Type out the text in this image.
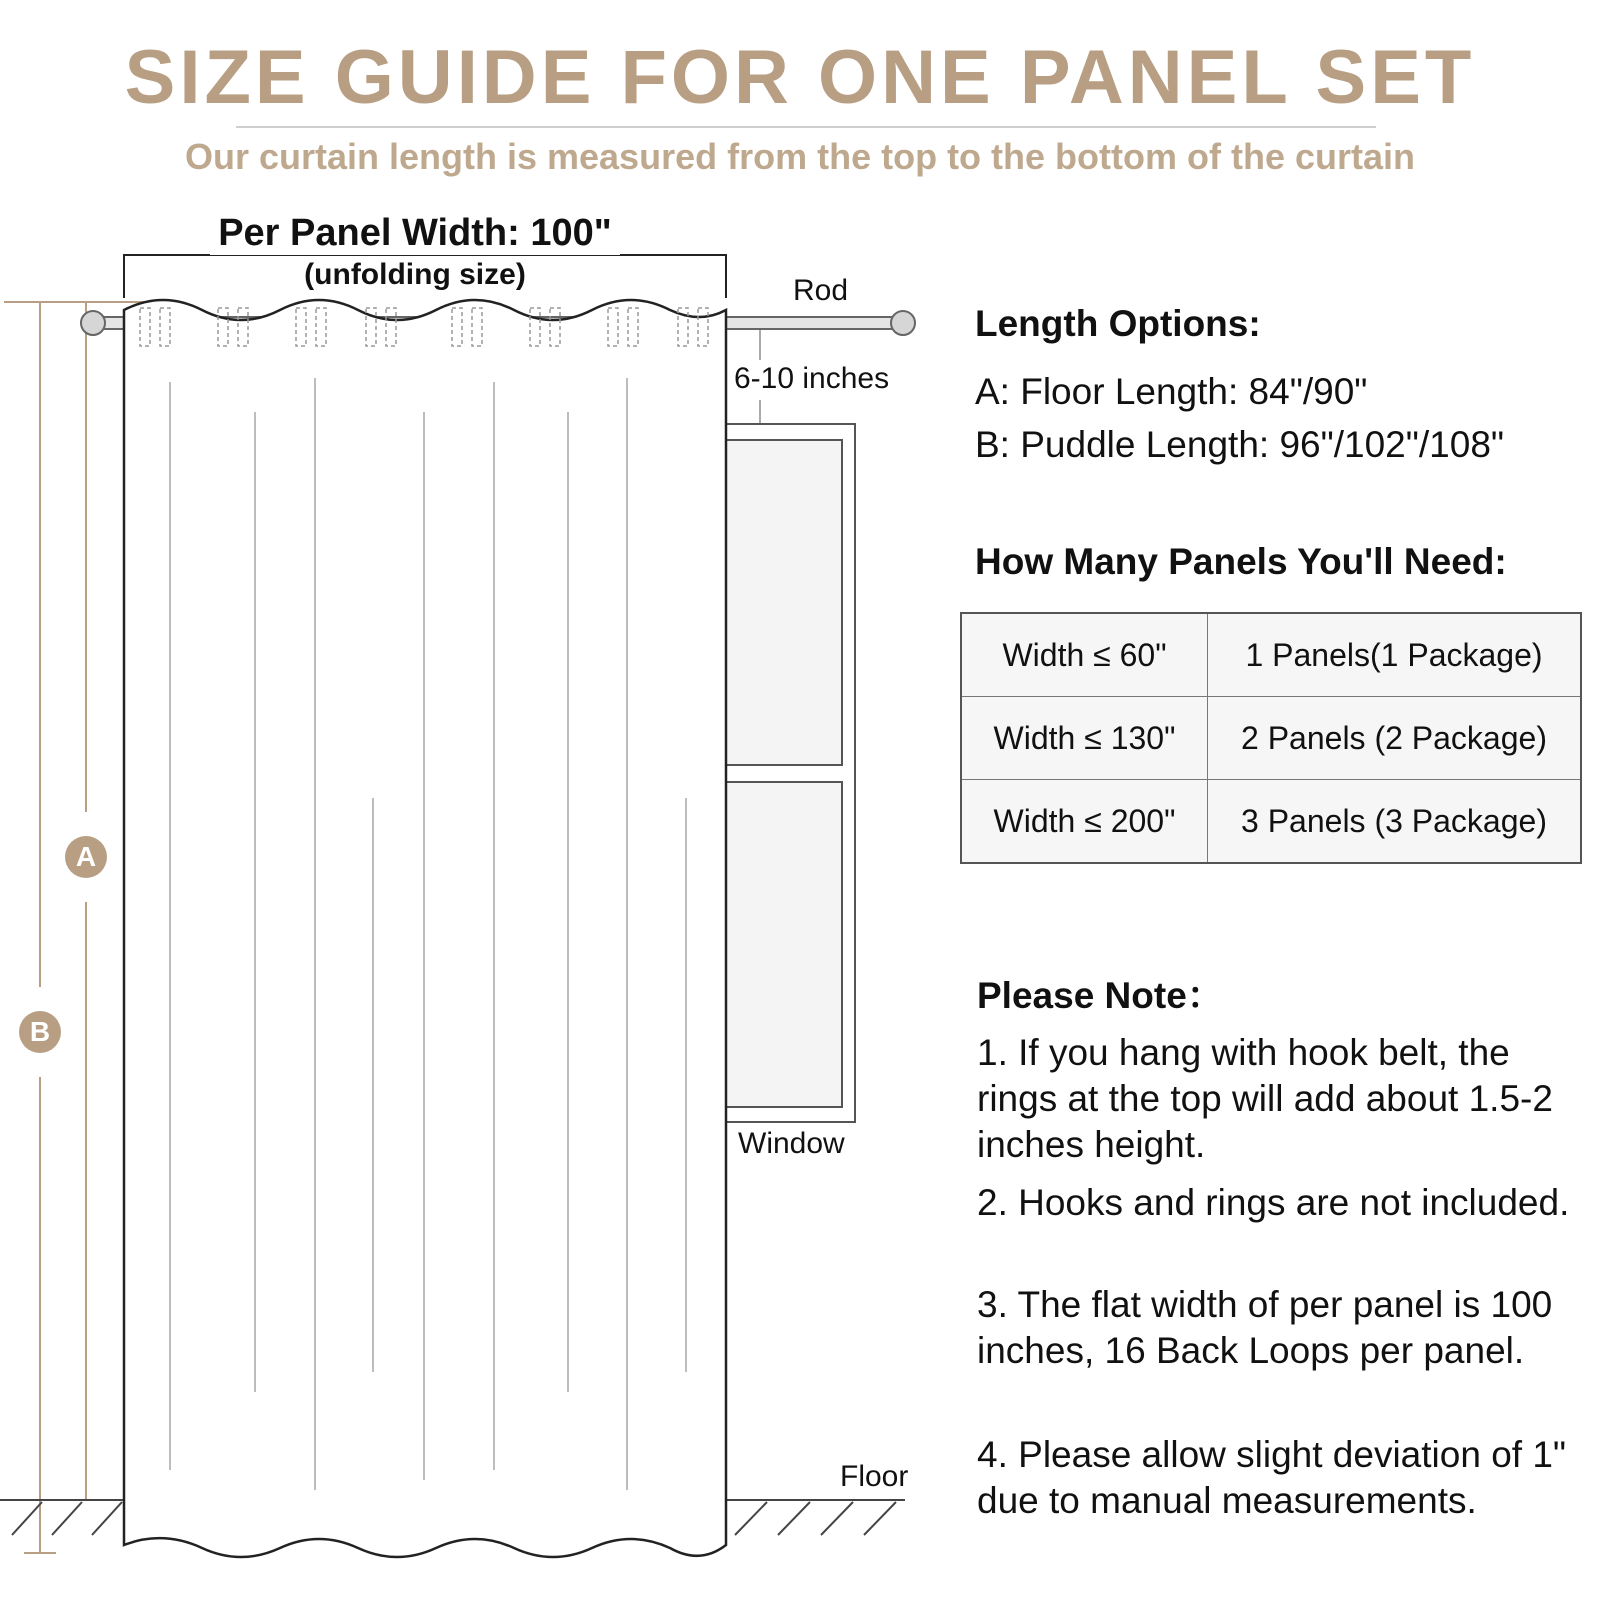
SIZE GUIDE FOR ONE PANEL SET
Our curtain length is measured from the top to the bottom of the curtain
Per Panel Width: 100"
(unfolding size)	Rod
6-10 inches
Window
Floor
A
B
Length Options:
A: Floor Length: 84"/90"
B: Puddle Length: 96"/102"/108"
How Many Panels You'll Need:
Width ≤ 60"	1 Panels(1 Package)
Width ≤ 130"	2 Panels (2 Package)
Width ≤ 200"	3 Panels (3 Package)
Please Note：
1. If you hang with hook belt, the rings at the top will add about 1.5-2 inches height.
2. Hooks and rings are not included.
3. The flat width of per panel is 100 inches, 16 Back Loops per panel.
4. Please allow slight deviation of 1" due to manual measurements.
